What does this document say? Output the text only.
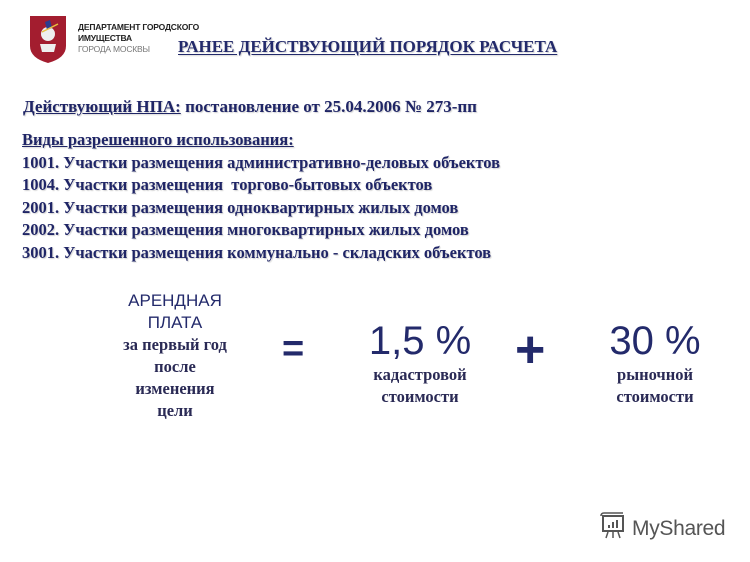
ДЕПАРТАМЕНТ ГОРОДСКОГО
ИМУЩЕСТВА
ГОРОДА МОСКВЫ	РАНЕЕ ДЕЙСТВУЮЩИЙ ПОРЯДОК РАСЧЕТА
Действующий НПА: постановление от 25.04.2006 № 273-пп
Виды разрешенного использования:
1001. Участки размещения административно-деловых объектов
1004. Участки размещения  торгово-бытовых объектов
2001. Участки размещения одноквартирных жилых домов
2002. Участки размещения многоквартирных жилых домов
3001. Участки размещения коммунально - складских объектов
АРЕНДНАЯ
ПЛАТА
за первый год
после
изменения
цели
=	1,5 %
кадастровой
стоимости
+	30 %
рыночной
стоимости
MyShared
